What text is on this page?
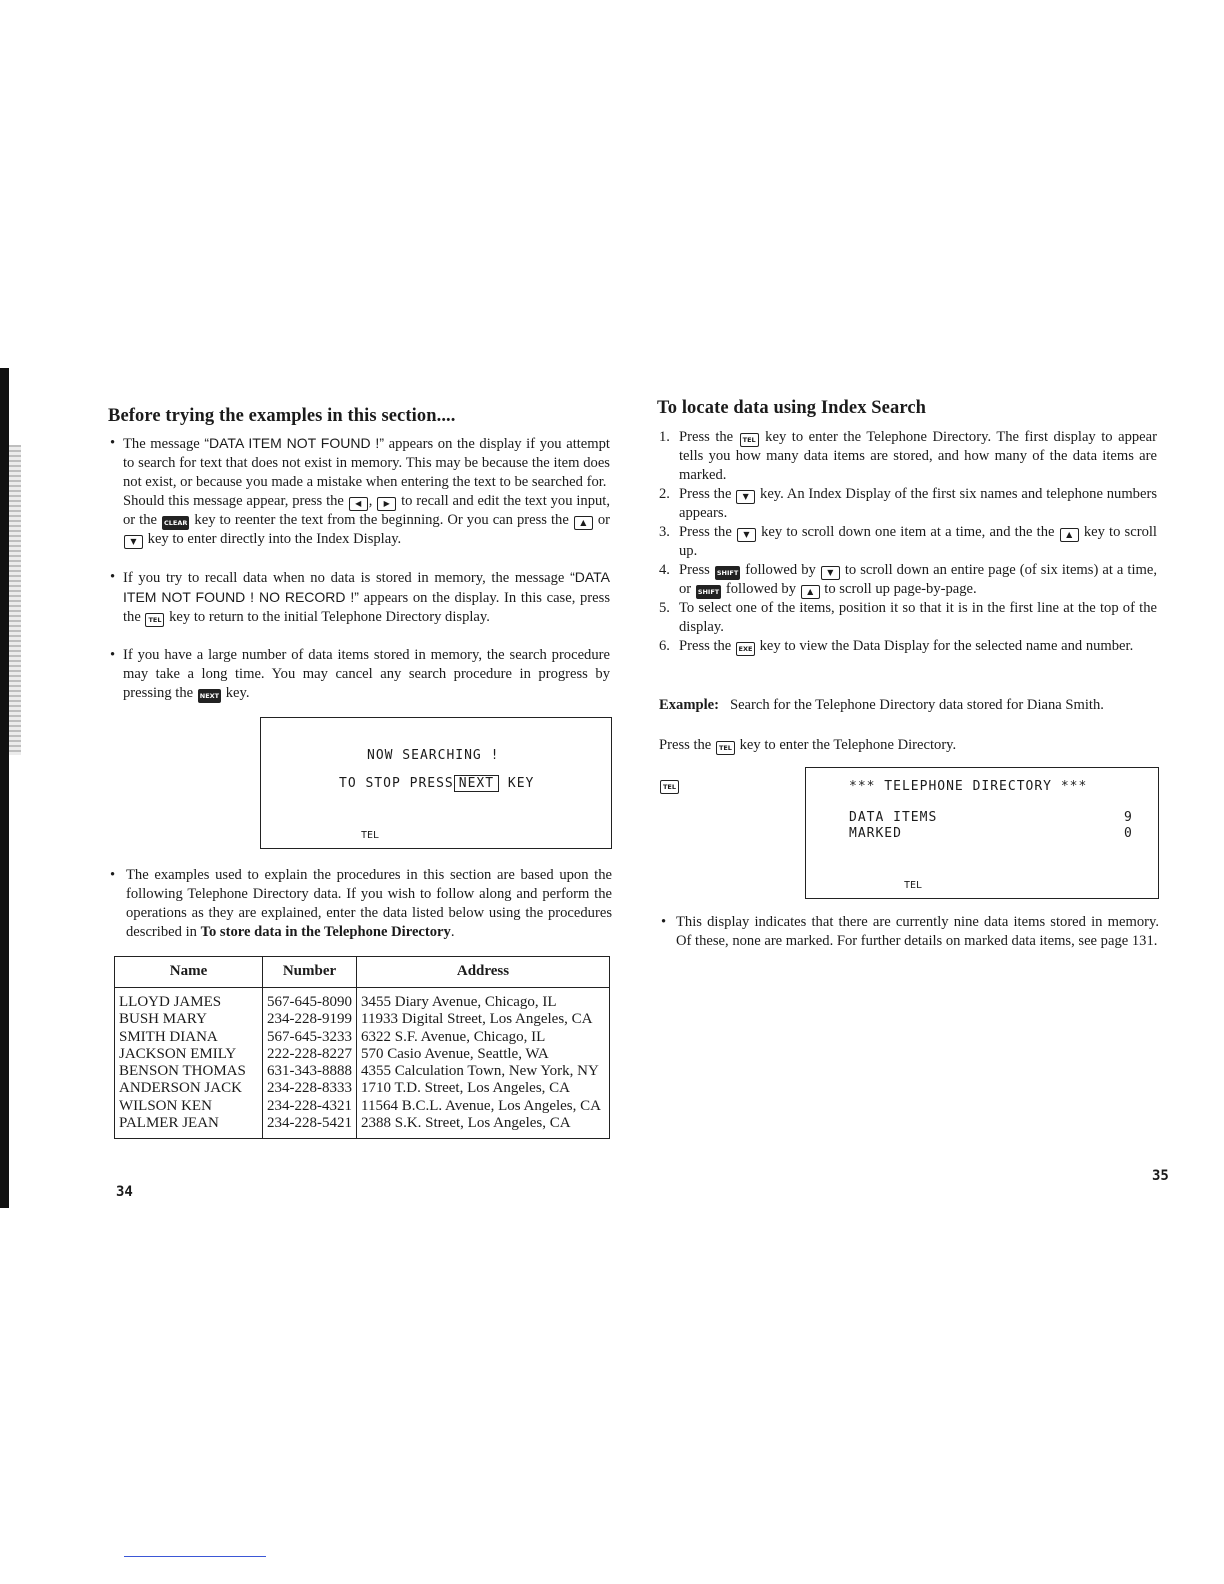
Before trying the examples in this section....
• The message “DATA ITEM NOT FOUND !” appears on the display if you attempt to search for text that does not exist in memory. This may be because the item does not exist, or because you made a mistake when entering the text to be searched for.
Should this message appear, press the ◀ , ▶ to recall and edit the text you input, or the CLEAR key to reenter the text from the beginning. Or you can press the ▲ or ▼ key to enter directly into the Index Display.
• If you try to recall data when no data is stored in memory, the message “DATA ITEM NOT FOUND ! NO RECORD !” appears on the display. In this case, press the TEL key to return to the initial Telephone Directory display.
• If you have a large number of data items stored in memory, the search procedure may take a long time. You may cancel any search procedure in progress by pressing the NEXT key.
NOW SEARCHING !
TO STOP PRESS NEXT KEY
TEL
• The examples used to explain the procedures in this section are based upon the following Telephone Directory data. If you wish to follow along and perform the operations as they are explained, enter the data listed below using the procedures described in To store data in the Telephone Directory.
Name	Number	Address
LLOYD JAMES	567-645-8090	3455 Diary Avenue, Chicago, IL
BUSH MARY	234-228-9199	11933 Digital Street, Los Angeles, CA
SMITH DIANA	567-645-3233	6322 S.F. Avenue, Chicago, IL
JACKSON EMILY	222-228-8227	570 Casio Avenue, Seattle, WA
BENSON THOMAS	631-343-8888	4355 Calculation Town, New York, NY
ANDERSON JACK	234-228-8333	1710 T.D. Street, Los Angeles, CA
WILSON KEN	234-228-4321	11564 B.C.L. Avenue, Los Angeles, CA
PALMER JEAN	234-228-5421	2388 S.K. Street, Los Angeles, CA
34
To locate data using Index Search
1. Press the TEL key to enter the Telephone Directory. The first display to appear tells you how many data items are stored, and how many of the data items are marked.
2. Press the ▼ key. An Index Display of the first six names and telephone numbers appears.
3. Press the ▼ key to scroll down one item at a time, and the the ▲ key to scroll up.
4. Press SHIFT followed by ▼ to scroll down an entire page (of six items) at a time, or SHIFT followed by ▲ to scroll up page-by-page.
5. To select one of the items, position it so that it is in the first line at the top of the display.
6. Press the EXE key to view the Data Display for the selected name and number.
Example: Search for the Telephone Directory data stored for Diana Smith.
Press the TEL key to enter the Telephone Directory.
TEL	*** TELEPHONE DIRECTORY ***
DATA ITEMS	9
MARKED	0
TEL
• This display indicates that there are currently nine data items stored in memory. Of these, none are marked. For further details on marked data items, see page 131.
35
